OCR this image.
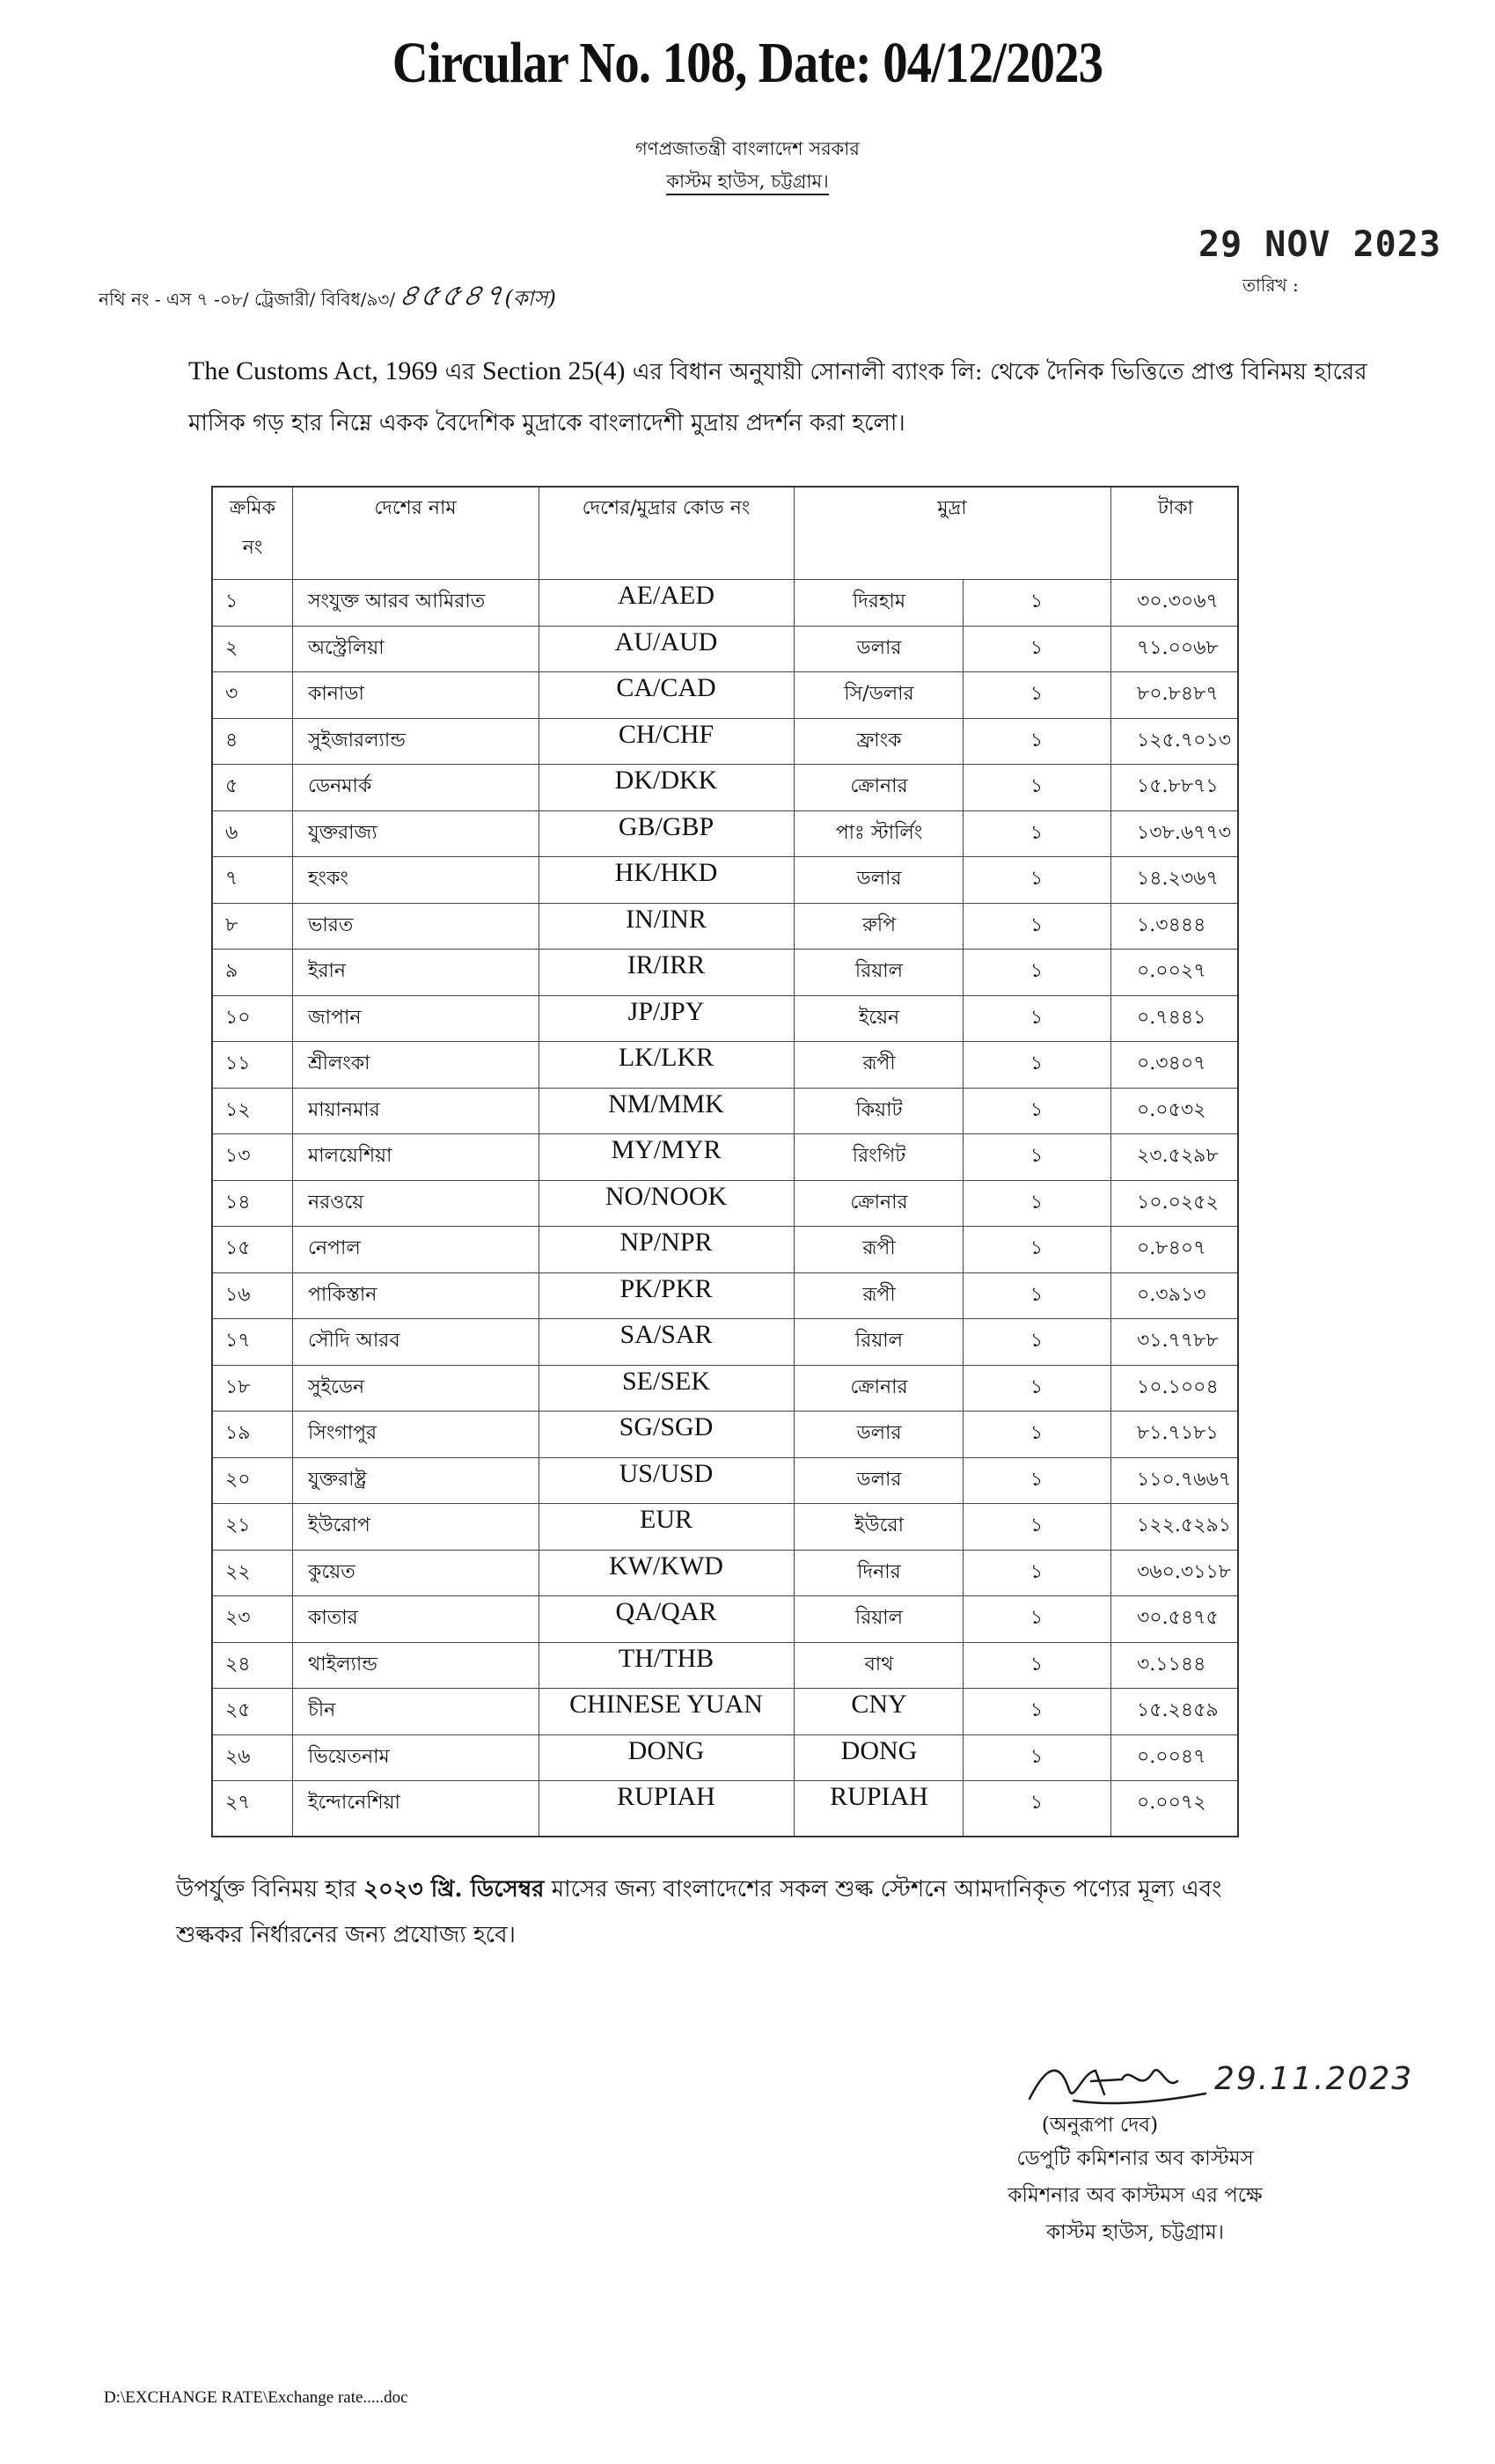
Circular No. 108, Date: 04/12/2023
গণপ্রজাতন্ত্রী বাংলাদেশ সরকার
কাস্টম হাউস, চট্টগ্রাম।
29 NOV 2023
তারিখ :
নথি নং - এস ৭ -০৮/ ট্রেজারী/ বিবিধ/৯৩/৪৫৫৪৭(কাস)
The Customs Act, 1969 এর Section 25(4) এর বিধান অনুযায়ী সোনালী ব্যাংক লি: থেকে দৈনিক ভিত্তিতে প্রাপ্ত বিনিময় হারের
মাসিক গড় হার নিম্নে একক বৈদেশিক মুদ্রাকে বাংলাদেশী মুদ্রায় প্রদর্শন করা হলো।
ক্রমিক
নং
দেশের নাম	দেশের/মুদ্রার কোড নং	মুদ্রা	টাকা
১	সংযুক্ত আরব আমিরাত	AE/AED	দিরহাম	১	৩০.৩০৬৭
২	অস্ট্রেলিয়া	AU/AUD	ডলার	১	৭১.০০৬৮
৩	কানাডা	CA/CAD	সি/ডলার	১	৮০.৮৪৮৭
৪	সুইজারল্যান্ড	CH/CHF	ফ্রাংক	১	১২৫.৭০১৩
৫	ডেনমার্ক	DK/DKK	ক্রোনার	১	১৫.৮৮৭১
৬	যুক্তরাজ্য	GB/GBP	পাঃ স্টার্লিং	১	১৩৮.৬৭৭৩
৭	হংকং	HK/HKD	ডলার	১	১৪.২৩৬৭
৮	ভারত	IN/INR	রুপি	১	১.৩৪৪৪
৯	ইরান	IR/IRR	রিয়াল	১	০.০০২৭
১০	জাপান	JP/JPY	ইয়েন	১	০.৭৪৪১
১১	শ্রীলংকা	LK/LKR	রূপী	১	০.৩৪০৭
১২	মায়ানমার	NM/MMK	কিয়াট	১	০.০৫৩২
১৩	মালয়েশিয়া	MY/MYR	রিংগিট	১	২৩.৫২৯৮
১৪	নরওয়ে	NO/NOOK	ক্রোনার	১	১০.০২৫২
১৫	নেপাল	NP/NPR	রূপী	১	০.৮৪০৭
১৬	পাকিস্তান	PK/PKR	রূপী	১	০.৩৯১৩
১৭	সৌদি আরব	SA/SAR	রিয়াল	১	৩১.৭৭৮৮
১৮	সুইডেন	SE/SEK	ক্রোনার	১	১০.১০০৪
১৯	সিংগাপুর	SG/SGD	ডলার	১	৮১.৭১৮১
২০	যুক্তরাষ্ট্র	US/USD	ডলার	১	১১০.৭৬৬৭
২১	ইউরোপ	EUR	ইউরো	১	১২২.৫২৯১
২২	কুয়েত	KW/KWD	দিনার	১	৩৬০.৩১১৮
২৩	কাতার	QA/QAR	রিয়াল	১	৩০.৫৪৭৫
২৪	থাইল্যান্ড	TH/THB	বাথ	১	৩.১১৪৪
২৫	চীন	CHINESE YUAN	CNY	১	১৫.২৪৫৯
২৬	ভিয়েতনাম	DONG	DONG	১	০.০০৪৭
২৭	ইন্দোনেশিয়া	RUPIAH	RUPIAH	১	০.০০৭২
উপর্যুক্ত বিনিময় হার ২০২৩ খ্রি. ডিসেম্বর মাসের জন্য বাংলাদেশের সকল শুল্ক স্টেশনে আমদানিকৃত পণ্যের মূল্য এবং
শুল্ককর নির্ধারনের জন্য প্রযোজ্য হবে।
29.11.2023
(অনুরূপা দেব)
ডেপুটি কমিশনার অব কাস্টমস
কমিশনার অব কাস্টমস এর পক্ষে
কাস্টম হাউস, চট্টগ্রাম।
D:\EXCHANGE RATE\Exchange rate.....doc
